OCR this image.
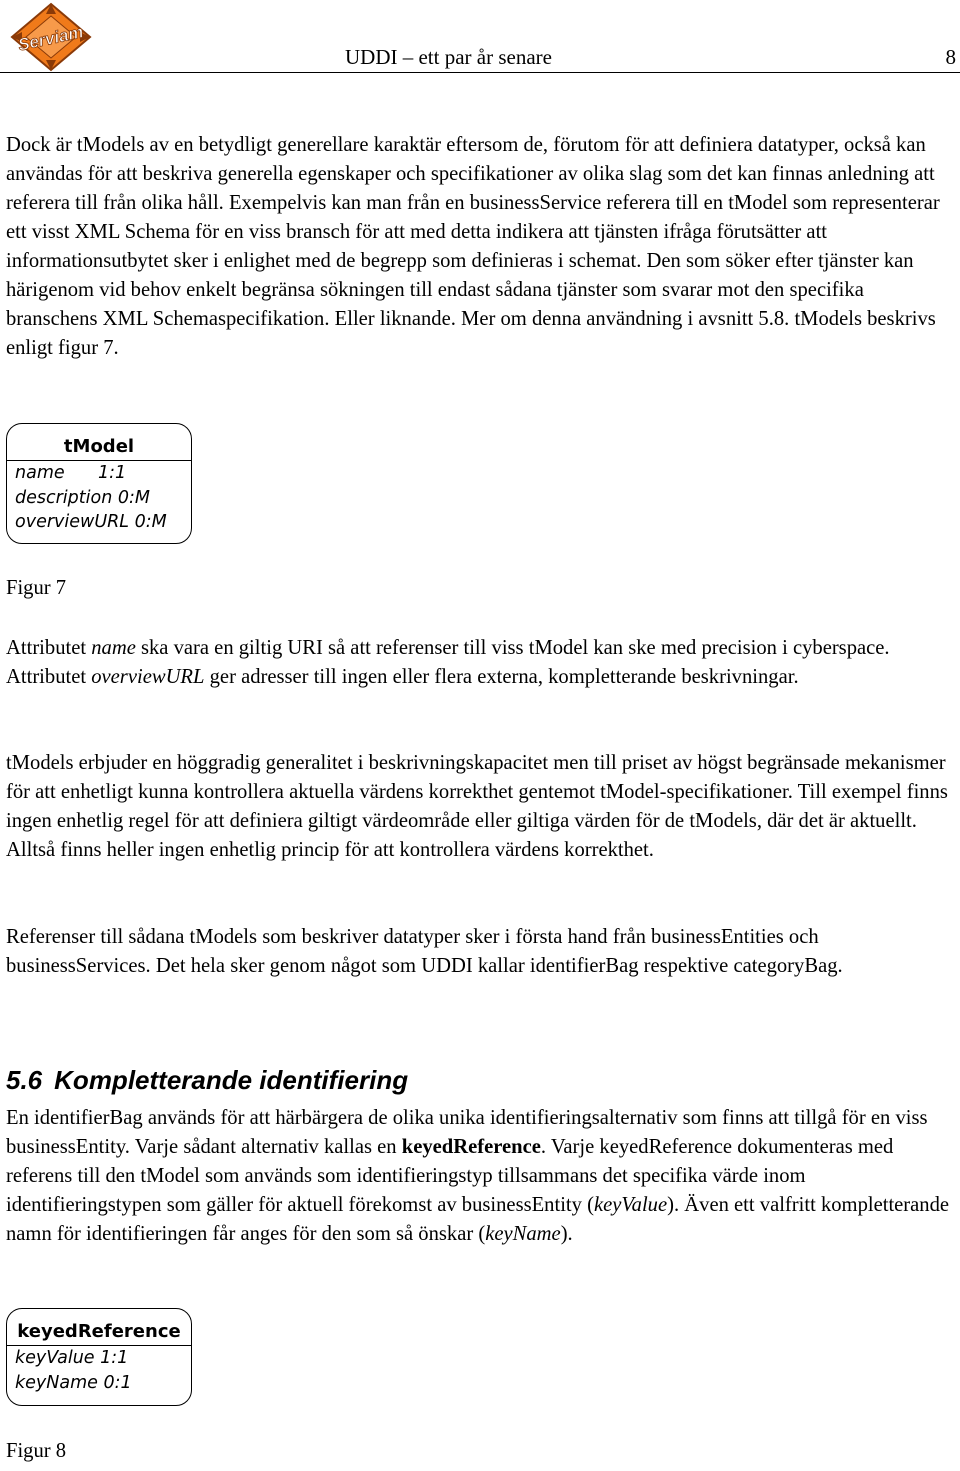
Serviam
UDDI – ett par år senare	8

Dock är tModels av en betydligt generellare karaktär eftersom de, förutom för att definiera datatyper, också kan användas för att beskriva generella egenskaper och specifikationer av olika slag som det kan finnas anledning att referera till från olika håll. Exempelvis kan man från en businessService referera till en tModel som representerar ett visst XML Schema för en viss bransch för att med detta indikera att tjänsten ifråga förutsätter att informationsutbytet sker i enlighet med de begrepp som definieras i schemat. Den som söker efter tjänster kan härigenom vid behov enkelt begränsa sökningen till endast sådana tjänster som svarar mot den specifika branschens XML Schemaspecifikation. Eller liknande. Mer om denna användning i avsnitt 5.8. tModels beskrivs enligt figur 7.

tModel
name      1:1
description 0:M
overviewURL 0:M
Figur 7

Attributet name ska vara en giltig URI så att referenser till viss tModel kan ske med precision i cyberspace. Attributet overviewURL ger adresser till ingen eller flera externa, kompletterande beskrivningar.

tModels erbjuder en höggradig generalitet i beskrivningskapacitet men till priset av högst begränsade mekanismer för att enhetligt kunna kontrollera aktuella värdens korrekthet gentemot tModel-specifikationer. Till exempel finns ingen enhetlig regel för att definiera giltigt värdeområde eller giltiga värden för de tModels, där det är aktuellt. Alltså finns heller ingen enhetlig princip för att kontrollera värdens korrekthet.

Referenser till sådana tModels som beskriver datatyper sker i första hand från businessEntities och businessServices. Det hela sker genom något som UDDI kallar identifierBag respektive categoryBag.

5.6 Kompletterande identifiering

En identifierBag används för att härbärgera de olika unika identifieringsalternativ som finns att tillgå för en viss businessEntity. Varje sådant alternativ kallas en keyedReference. Varje keyedReference dokumenteras med referens till den tModel som används som identifieringstyp tillsammans det specifika värde inom identifieringstypen som gäller för aktuell förekomst av businessEntity (keyValue). Även ett valfritt kompletterande namn för identifieringen får anges för den som så önskar (keyName).

keyedReference
keyValue 1:1
keyName 0:1
Figur 8
